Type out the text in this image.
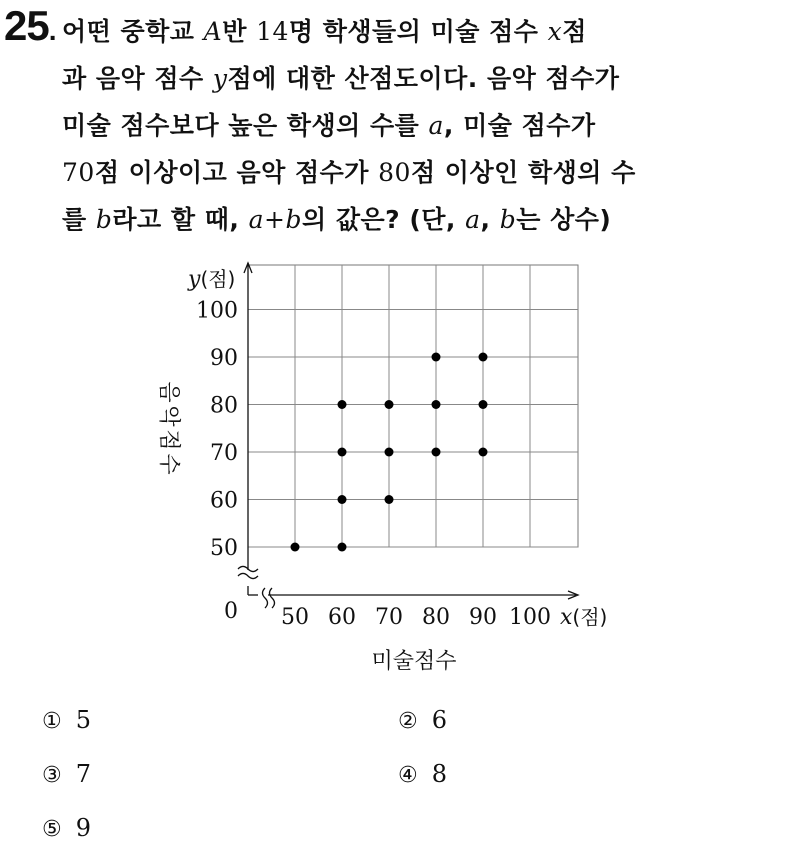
25. 어떤 중학교 A반 14명 학생들의 미술 점수 x점
과 음악 점수 y점에 대한 산점도이다. 음악 점수가
미술 점수보다 높은 학생의 수를 a, 미술 점수가
70점 이상이고 음악 점수가 80점 이상인 학생의 수
를 b라고 할 때, a+b의 값은? (단, a, b는 상수)
50
60
70
80
90
100
50 60 70 80 90 100
0
y(점)
x(점)
미술점수
음
악
점
수
① 5	② 6
③ 7	④ 8
⑤ 9
